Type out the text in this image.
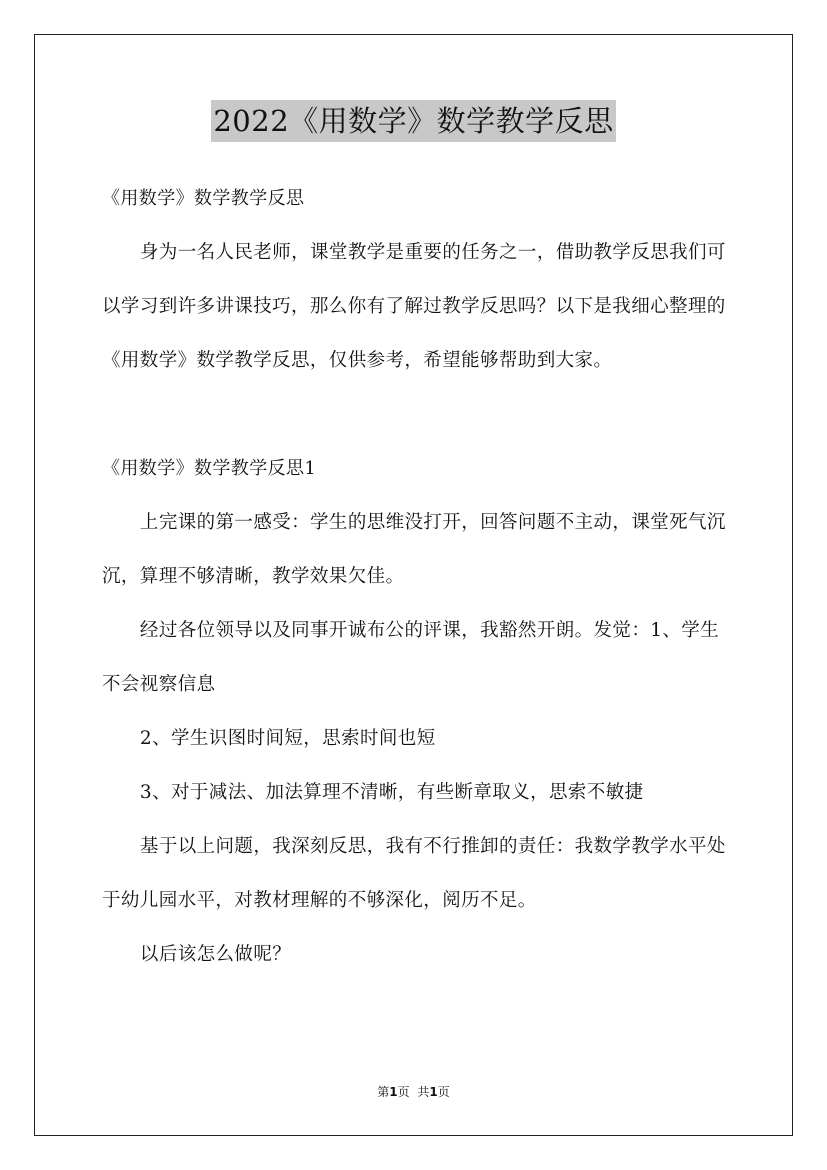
2022《用数学》数学教学反思

《用数学》数学教学反思

身为一名人民老师，课堂教学是重要的任务之一，借助教学反思我们可以学习到许多讲课技巧，那么你有了解过教学反思吗？以下是我细心整理的《用数学》数学教学反思，仅供参考，希望能够帮助到大家。

《用数学》数学教学反思1

上完课的第一感受：学生的思维没打开，回答问题不主动，课堂死气沉沉，算理不够清晰，教学效果欠佳。

经过各位领导以及同事开诚布公的评课，我豁然开朗。发觉：1、学生不会视察信息

2、学生识图时间短，思索时间也短

3、对于减法、加法算理不清晰，有些断章取义，思索不敏捷

基于以上问题，我深刻反思，我有不行推卸的责任：我数学教学水平处于幼儿园水平，对教材理解的不够深化，阅历不足。

以后该怎么做呢？

第1页 共1页
